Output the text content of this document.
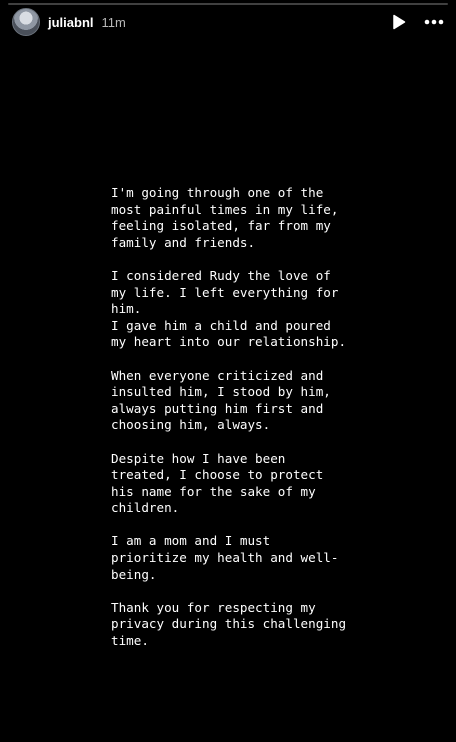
juliabnl 11m
I'm going through one of the
most painful times in my life,
feeling isolated, far from my
family and friends.
I considered Rudy the love of
my life. I left everything for
him.
I gave him a child and poured
my heart into our relationship.
When everyone criticized and
insulted him, I stood by him,
always putting him first and
choosing him, always.
Despite how I have been
treated, I choose to protect
his name for the sake of my
children.
I am a mom and I must
prioritize my health and well-
being.
Thank you for respecting my
privacy during this challenging
time.
